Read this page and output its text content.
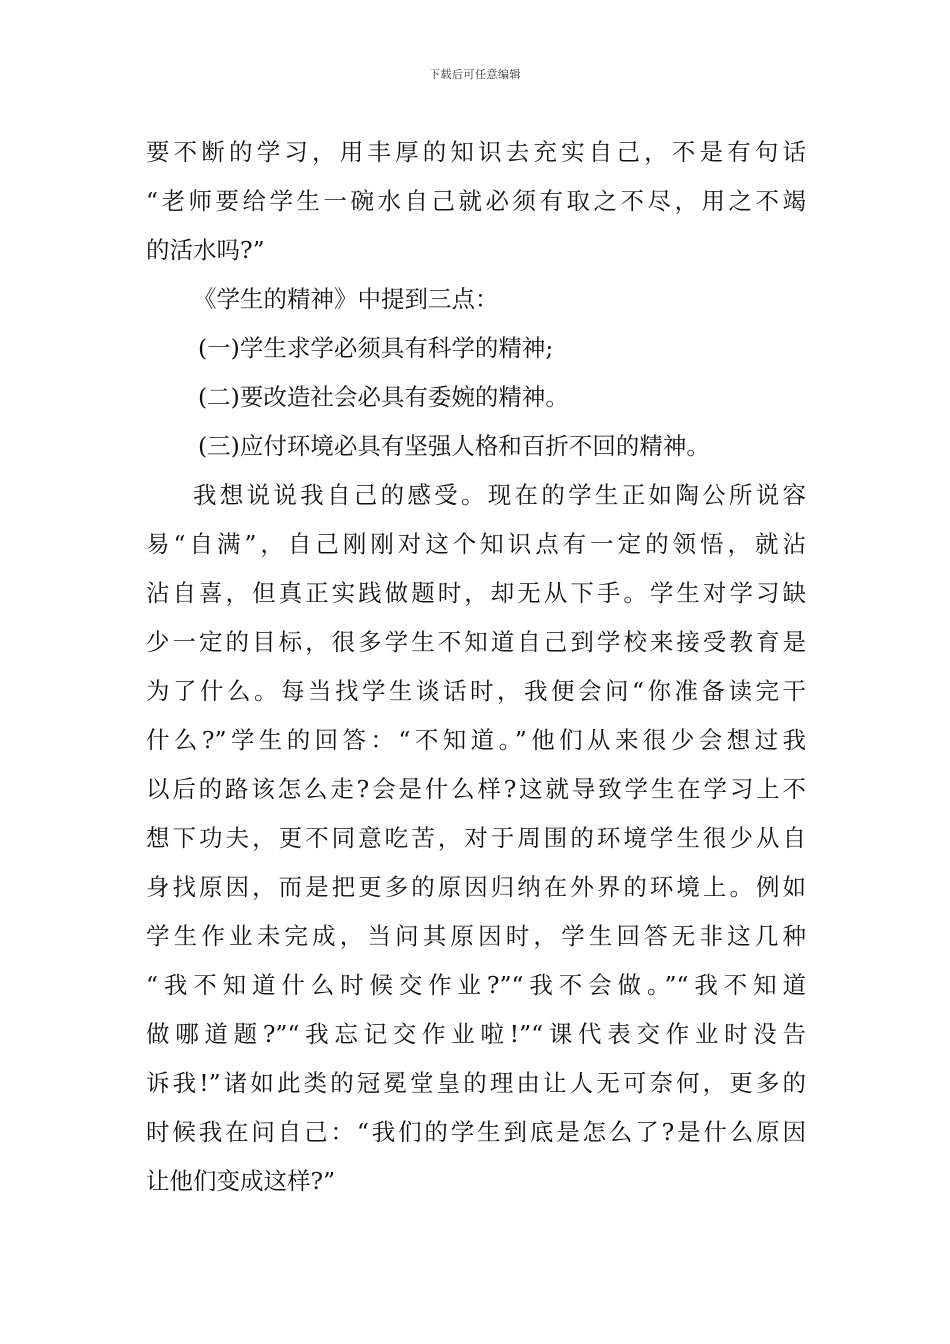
下载后可任意编辑
要不断的学习，用丰厚的知识去充实自己，不是有句话
“老师要给学生一碗水自己就必须有取之不尽，用之不竭
的活水吗?”
《学生的精神》中提到三点：
(一)学生求学必须具有科学的精神;
(二)要改造社会必具有委婉的精神。
(三)应付环境必具有坚强人格和百折不回的精神。
我想说说我自己的感受。现在的学生正如陶公所说容
易“自满”，自己刚刚对这个知识点有一定的领悟，就沾
沾自喜，但真正实践做题时，却无从下手。学生对学习缺
少一定的目标，很多学生不知道自己到学校来接受教育是
为了什么。每当找学生谈话时，我便会问“你准备读完干
什么?”学生的回答：“不知道。”他们从来很少会想过我
以后的路该怎么走?会是什么样?这就导致学生在学习上不
想下功夫，更不同意吃苦，对于周围的环境学生很少从自
身找原因，而是把更多的原因归纳在外界的环境上。例如
学生作业未完成，当问其原因时，学生回答无非这几种
“我不知道什么时候交作业?”“我不会做。”“我不知道
做哪道题?”“我忘记交作业啦!”“课代表交作业时没告
诉我!”诸如此类的冠冕堂皇的理由让人无可奈何，更多的
时候我在问自己：“我们的学生到底是怎么了?是什么原因
让他们变成这样?”
